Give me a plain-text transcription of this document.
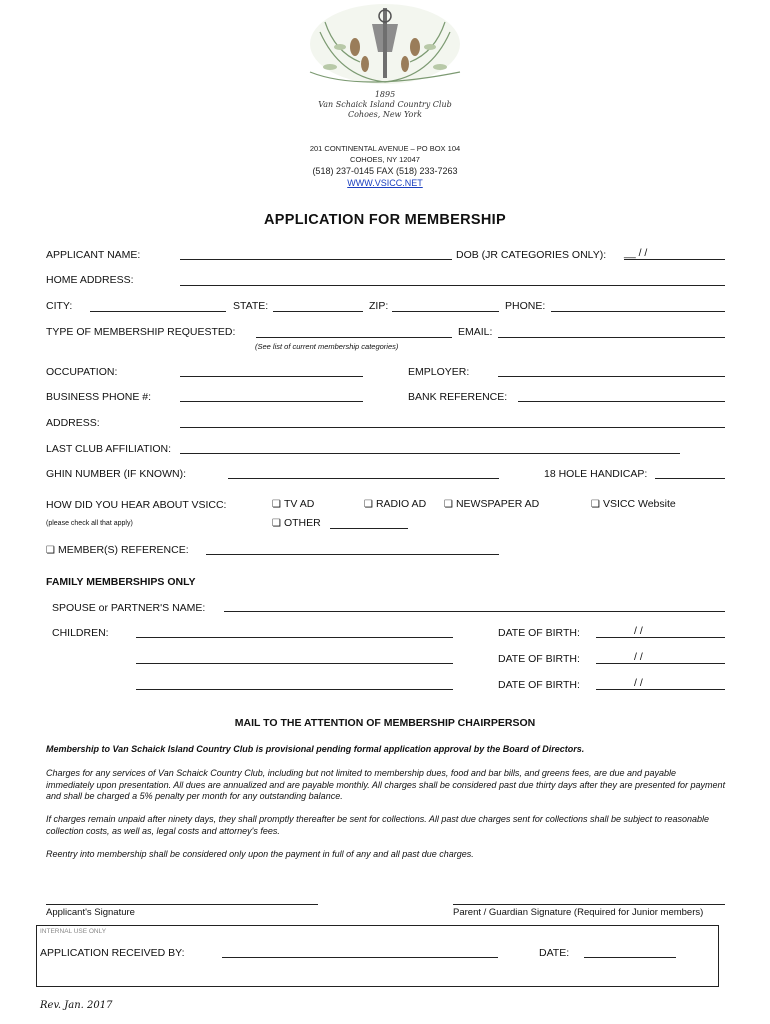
1895
Van Schaick Island Country Club
Cohoes, New York
201 CONTINENTAL AVENUE – PO BOX 104
COHOES, NY 12047
(518) 237-0145 FAX (518) 233-7263
WWW.VSICC.NET
APPLICATION FOR MEMBERSHIP
APPLICANT NAME:	DOB (JR CATEGORIES ONLY): __ / /
HOME ADDRESS:
CITY:	STATE:	ZIP:	PHONE:
TYPE OF MEMBERSHIP REQUESTED:	EMAIL:
(See list of current membership categories)
OCCUPATION:	EMPLOYER:
BUSINESS PHONE #:	BANK REFERENCE:
ADDRESS:
LAST CLUB AFFILIATION:
GHIN NUMBER (IF KNOWN):	18 HOLE HANDICAP:
HOW DID YOU HEAR ABOUT VSICC:
(please check all that apply)
❏ TV AD	❏ RADIO AD	❏ NEWSPAPER AD	❏ VSICC Website
❏ OTHER
❏ MEMBER(S) REFERENCE:
FAMILY MEMBERSHIPS ONLY
SPOUSE or PARTNER'S NAME:
CHILDREN:	DATE OF BIRTH:	/ /
DATE OF BIRTH:	/ /
DATE OF BIRTH:	/ /
MAIL TO THE ATTENTION OF MEMBERSHIP CHAIRPERSON
Membership to Van Schaick Island Country Club is provisional pending formal application approval by the Board of Directors.
Charges for any services of Van Schaick Country Club, including but not limited to membership dues, food and bar bills, and greens fees, are due and payable immediately upon presentation. All dues are annualized and are payable monthly. All charges shall be considered past due thirty days after they are presented for payment and shall be charged a 5% penalty per month for any outstanding balance.
If charges remain unpaid after ninety days, they shall promptly thereafter be sent for collections. All past due charges sent for collections shall be subject to reasonable collection costs, as well as, legal costs and attorney's fees.
Reentry into membership shall be considered only upon the payment in full of any and all past due charges.
Applicant's Signature	Parent / Guardian Signature (Required for Junior members)
INTERNAL USE ONLY
APPLICATION RECEIVED BY:	DATE:
Rev. Jan. 2017
